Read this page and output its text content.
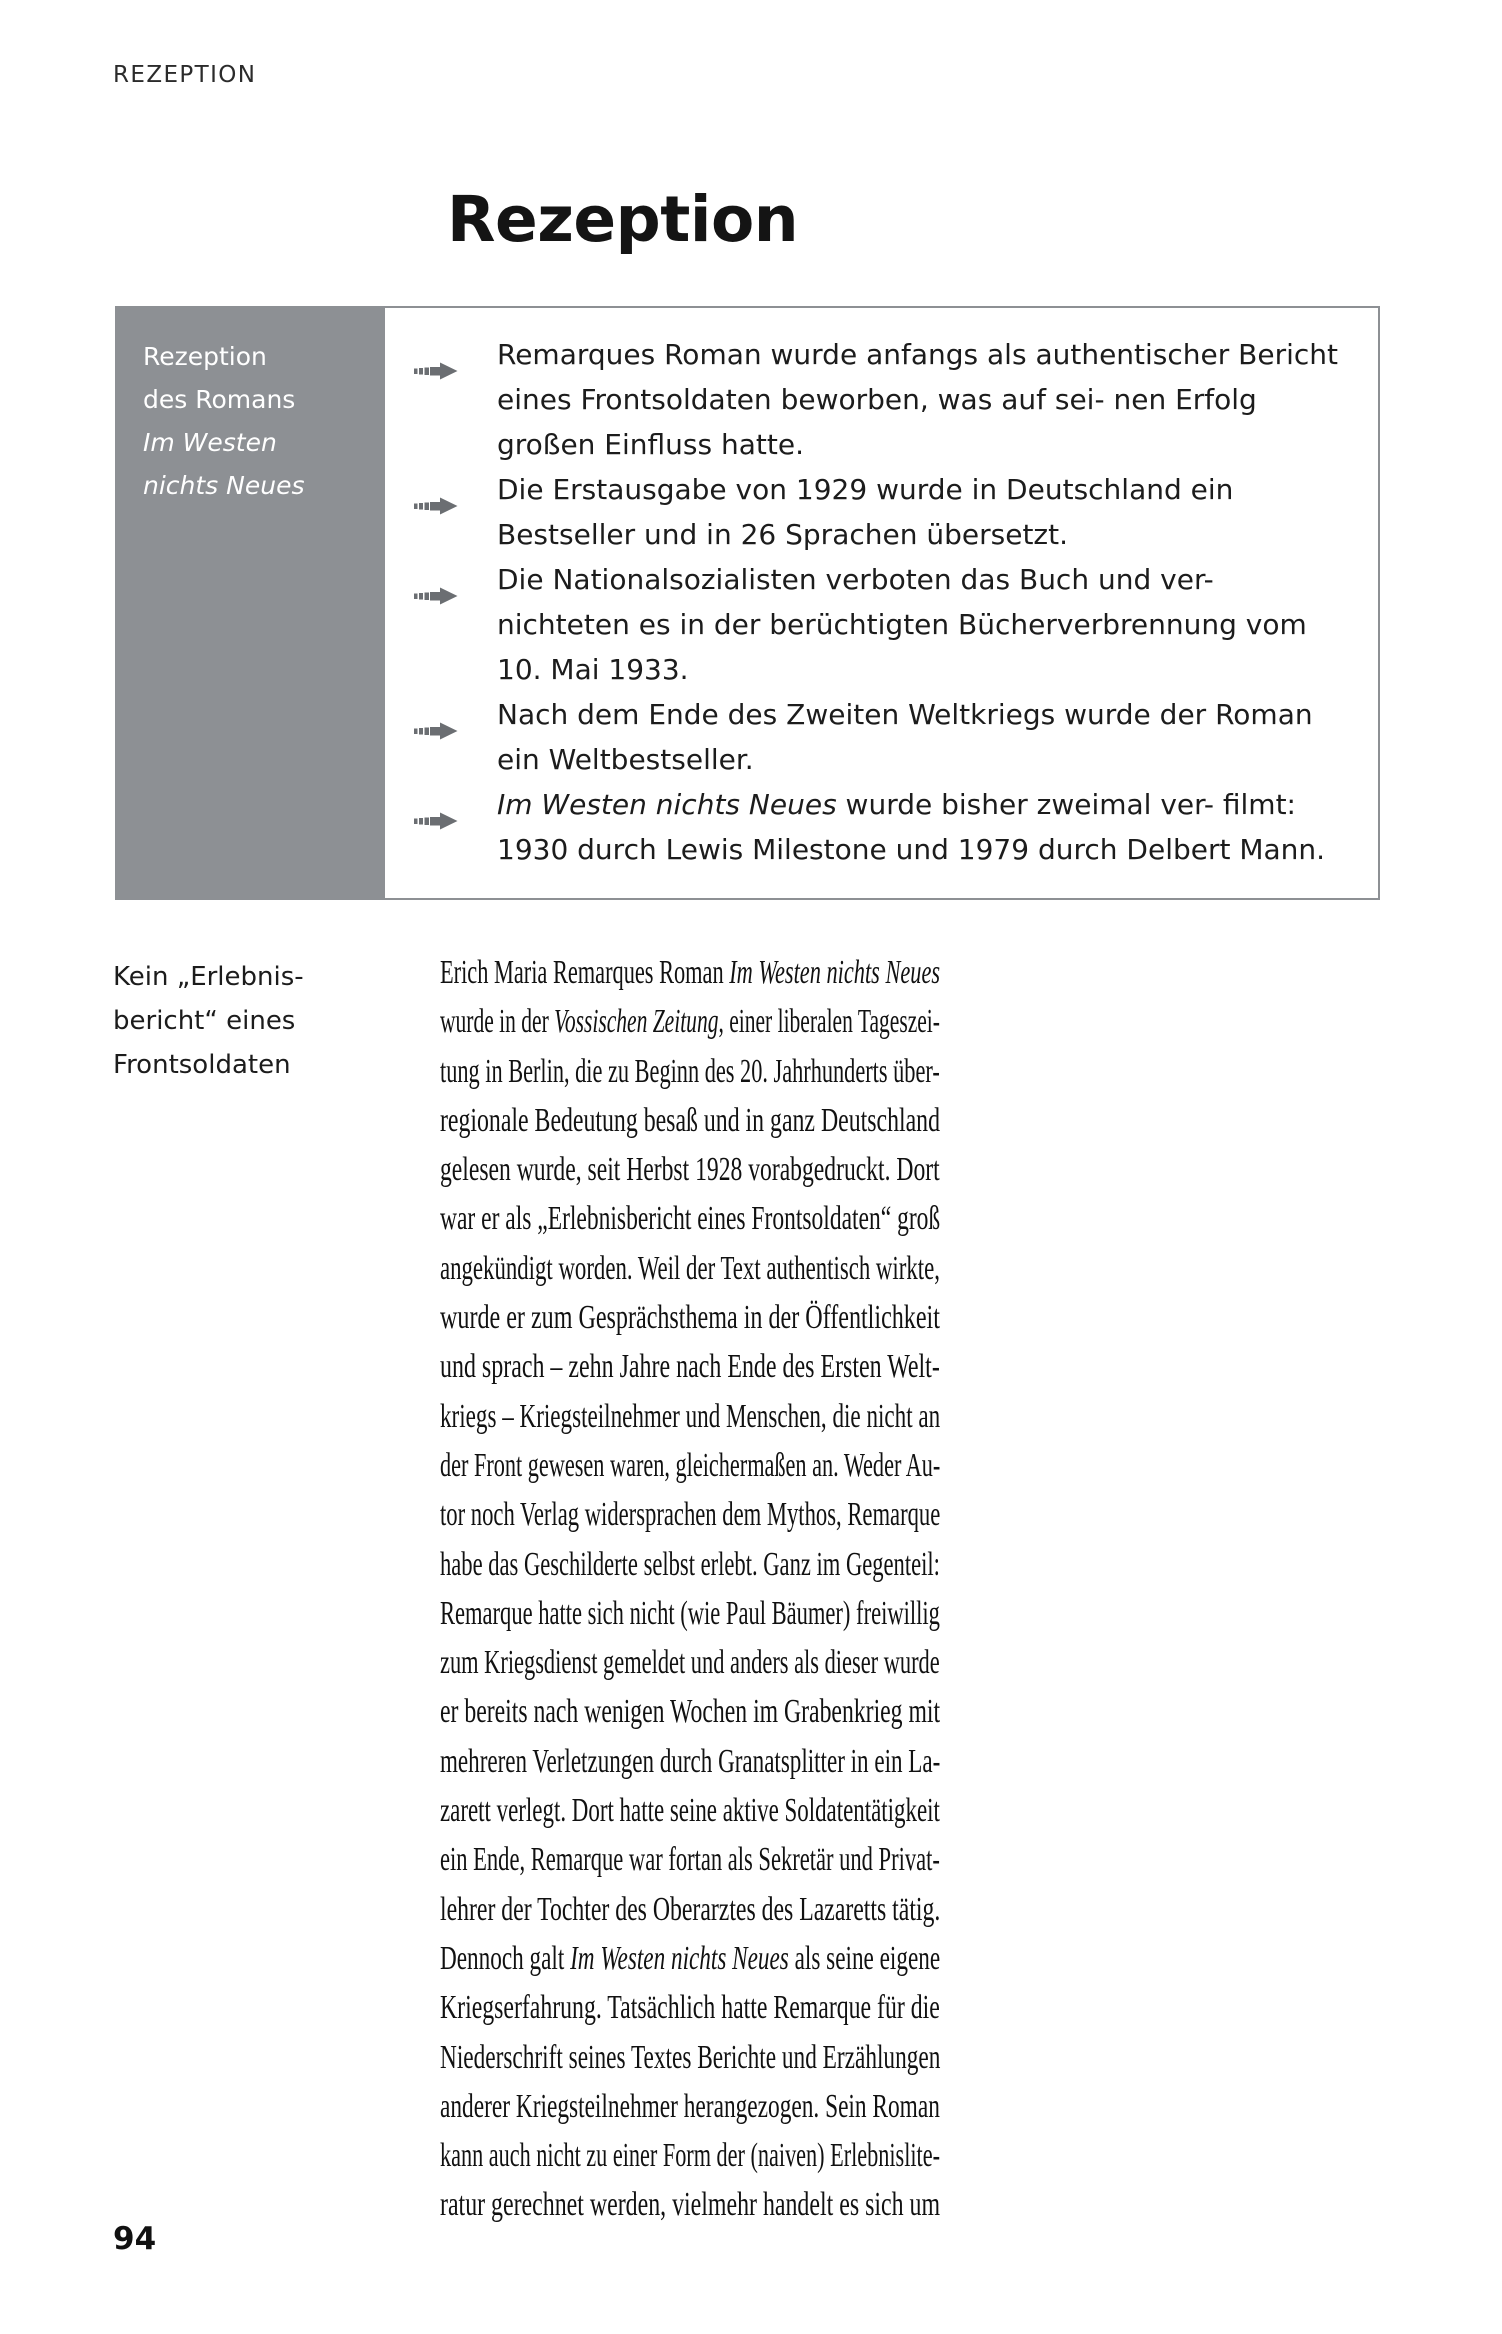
REZEPTION
Rezeption
Rezeption
des Romans
Im Westen
nichts Neues
Remarques Roman wurde anfangs als authentischer Bericht eines Frontsoldaten beworben, was auf sei- nen Erfolg großen Einfluss hatte.
Die Erstausgabe von 1929 wurde in Deutschland ein Bestseller und in 26 Sprachen übersetzt.
Die Nationalsozialisten verboten das Buch und ver- nichteten es in der berüchtigten Bücherverbrennung vom 10. Mai 1933.
Nach dem Ende des Zweiten Weltkriegs wurde der Roman ein Weltbestseller.
Im Westen nichts Neues wurde bisher zweimal ver- filmt: 1930 durch Lewis Milestone und 1979 durch Delbert Mann.
Kein „Erlebnis-
bericht“ eines
Frontsoldaten

Erich Maria Remarques Roman Im Westen nichts Neues
wurde in der Vossischen Zeitung, einer liberalen Tageszei-
tung in Berlin, die zu Beginn des 20. Jahrhunderts über-
regionale Bedeutung besaß und in ganz Deutschland
gelesen wurde, seit Herbst 1928 vorabgedruckt. Dort
war er als „Erlebnisbericht eines Frontsoldaten“ groß
angekündigt worden. Weil der Text authentisch wirkte,
wurde er zum Gesprächsthema in der Öffentlichkeit
und sprach – zehn Jahre nach Ende des Ersten Welt-
kriegs – Kriegsteilnehmer und Menschen, die nicht an
der Front gewesen waren, gleichermaßen an. Weder Au-
tor noch Verlag widersprachen dem Mythos, Remarque
habe das Geschilderte selbst erlebt. Ganz im Gegenteil:
Remarque hatte sich nicht (wie Paul Bäumer) freiwillig
zum Kriegsdienst gemeldet und anders als dieser wurde
er bereits nach wenigen Wochen im Grabenkrieg mit
mehreren Verletzungen durch Granatsplitter in ein La-
zarett verlegt. Dort hatte seine aktive Soldatentätigkeit
ein Ende, Remarque war fortan als Sekretär und Privat-
lehrer der Tochter des Oberarztes des Lazaretts tätig.
Dennoch galt Im Westen nichts Neues als seine eigene
Kriegserfahrung. Tatsächlich hatte Remarque für die
Niederschrift seines Textes Berichte und Erzählungen
anderer Kriegsteilnehmer herangezogen. Sein Roman
kann auch nicht zu einer Form der (naiven) Erlebnislite-
ratur gerechnet werden, vielmehr handelt es sich um

94
